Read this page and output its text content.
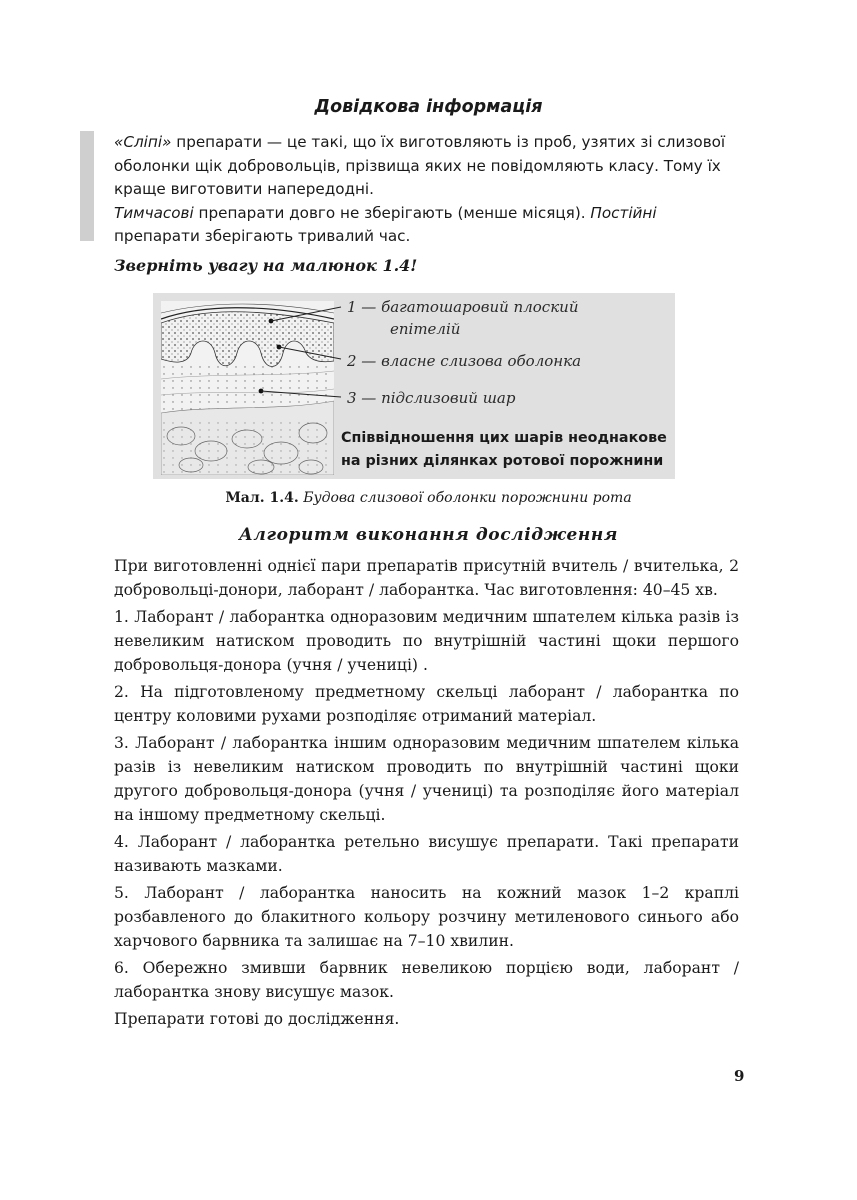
Довідкова інформація

«Сліпі» препарати — це такі, що їх виготовляють із проб, узятих зі слизової оболонки щік добровольців, прізвища яких не повідомляють класу. Тому їх краще виготовити напередодні.

Тимчасові препарати довго не зберігають (менше місяця). Постійні препарати зберігають тривалий час.

Зверніть увагу на малюнок 1.4!
1 — багатошаровий плоский
епітелій
2 — власне слизова оболонка
3 — підслизовий шар
Співвідношення цих шарів неоднакове на різних ділянках ротової порожнини
Мал. 1.4. Будова слизової оболонки порожнини рота
Алгоритм виконання дослідження

При виготовленні однієї пари препаратів присутній вчитель / вчителька, 2 добровольці-донори, лаборант / лаборантка. Час виготовлення: 40–45 хв.

1. Лаборант / лаборантка одноразовим медичним шпателем кілька разів із невеликим натиском проводить по внутрішній частині щоки першого добровольця-донора (учня / учениці) .

2. На підготовленому предметному скельці лаборант / лаборантка по центру коловими рухами розподіляє отриманий матеріал.

3. Лаборант / лаборантка іншим одноразовим медичним шпателем кілька разів із невеликим натиском проводить по внутрішній частині щоки другого добровольця-донора (учня / учениці) та розподіляє його матеріал на іншому предметному скельці.

4. Лаборант / лаборантка ретельно висушує препарати. Такі препарати називають мазками.

5. Лаборант / лаборантка наносить на кожний мазок 1–2 краплі розбавленого до блакитного кольору розчину метиленового синього або харчового барвника та залишає на 7–10 хвилин.

6. Обережно змивши барвник невеликою порцією води, лаборант / лаборантка знову висушує мазок.

Препарати готові до дослідження.

9
